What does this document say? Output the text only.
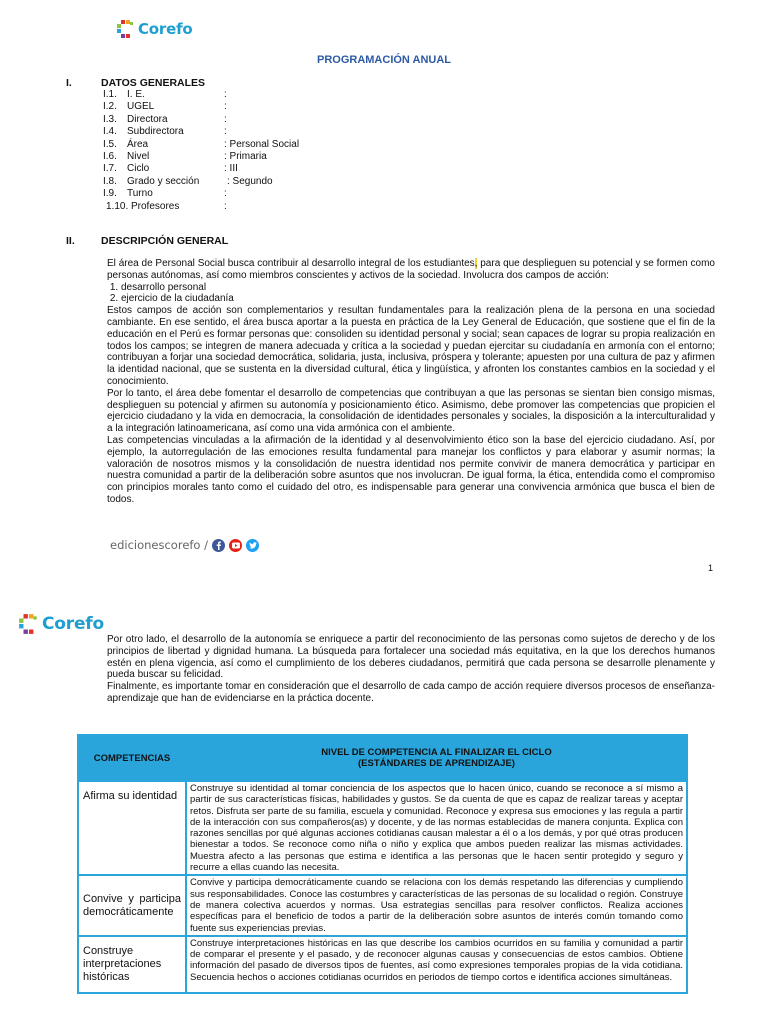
Corefo
PROGRAMACIÓN ANUAL
I.	DATOS GENERALES
I.1. I. E.	:
I.2. UGEL	:
I.3. Directora	:
I.4. Subdirectora	:
I.5. Área	: Personal Social
I.6. Nivel	: Primaria
I.7. Ciclo	: III
I.8. Grado y sección	: Segundo
I.9. Turno	:
1.10. Profesores	:
II. DESCRIPCIÓN GENERAL

El área de Personal Social busca contribuir al desarrollo integral de los estudiantes, para que desplieguen su potencial y se formen como personas autónomas, así como miembros conscientes y activos de la sociedad. Involucra dos campos de acción:

1. desarrollo personal
2. ejercicio de la ciudadanía

Estos campos de acción son complementarios y resultan fundamentales para la realización plena de la persona en una sociedad cambiante. En ese sentido, el área busca aportar a la puesta en práctica de la Ley General de Educación, que sostiene que el fin de la educación en el Perú es formar personas que: consoliden su identidad personal y social; sean capaces de lograr su propia realización en todos los campos; se integren de manera adecuada y crítica a la sociedad y puedan ejercitar su ciudadanía en armonía con el entorno; contribuyan a forjar una sociedad democrática, solidaria, justa, inclusiva, próspera y tolerante; apuesten por una cultura de paz y afirmen la identidad nacional, que se sustenta en la diversidad cultural, ética y lingüística, y afronten los constantes cambios en la sociedad y el conocimiento.

Por lo tanto, el área debe fomentar el desarrollo de competencias que contribuyan a que las personas se sientan bien consigo mismas, desplieguen su potencial y afirmen su autonomía y posicionamiento ético. Asimismo, debe promover las competencias que propicien el ejercicio ciudadano y la vida en democracia, la consolidación de identidades personales y sociales, la disposición a la interculturalidad y a la integración latinoamericana, así como una vida armónica con el ambiente.

Las competencias vinculadas a la afirmación de la identidad y al desenvolvimiento ético son la base del ejercicio ciudadano. Así, por ejemplo, la autorregulación de las emociones resulta fundamental para manejar los conflictos y para elaborar y asumir normas; la valoración de nosotros mismos y la consolidación de nuestra identidad nos permite convivir de manera democrática y participar en nuestra comunidad a partir de la deliberación sobre asuntos que nos involucran. De igual forma, la ética, entendida como el compromiso con principios morales tanto como el cuidado del otro, es indispensable para generar una convivencia armónica que busca el bien de todos.

edicionescorefo /
1
Corefo

Por otro lado, el desarrollo de la autonomía se enriquece a partir del reconocimiento de las personas como sujetos de derecho y de los principios de libertad y dignidad humana. La búsqueda para fortalecer una sociedad más equitativa, en la que los derechos humanos estén en plena vigencia, así como el cumplimiento de los deberes ciudadanos, permitirá que cada persona se desarrolle plenamente y pueda buscar su felicidad.

Finalmente, es importante tomar en consideración que el desarrollo de cada campo de acción requiere diversos procesos de enseñanza-aprendizaje que han de evidenciarse en la práctica docente.

COMPETENCIAS	NIVEL DE COMPETENCIA AL FINALIZAR EL CICLO
(ESTÁNDARES DE APRENDIZAJE)

Afirma su identidad	Construye su identidad al tomar conciencia de los aspectos que lo hacen único, cuando se reconoce a sí mismo a partir de sus características físicas, habilidades y gustos. Se da cuenta de que es capaz de realizar tareas y aceptar retos. Disfruta ser parte de su familia, escuela y comunidad. Reconoce y expresa sus emociones y las regula a partir de la interacción con sus compañeros(as) y docente, y de las normas establecidas de manera conjunta. Explica con razones sencillas por qué algunas acciones cotidianas causan malestar a él o a los demás, y por qué otras producen bienestar a todos. Se reconoce como niña o niño y explica que ambos pueden realizar las mismas actividades. Muestra afecto a las personas que estima e identifica a las personas que le hacen sentir protegido y seguro y recurre a ellas cuando las necesita.
Convive y participa democráticamente	Convive y participa democráticamente cuando se relaciona con los demás respetando las diferencias y cumpliendo sus responsabilidades. Conoce las costumbres y características de las personas de su localidad o región. Construye de manera colectiva acuerdos y normas. Usa estrategias sencillas para resolver conflictos. Realiza acciones específicas para el beneficio de todos a partir de la deliberación sobre asuntos de interés común tomando como fuente sus experiencias previas.
Construye interpretaciones históricas	Construye interpretaciones históricas en las que describe los cambios ocurridos en su familia y comunidad a partir de comparar el presente y el pasado, y de reconocer algunas causas y consecuencias de estos cambios. Obtiene información del pasado de diversos tipos de fuentes, así como expresiones temporales propias de la vida cotidiana. Secuencia hechos o acciones cotidianas ocurridos en periodos de tiempo cortos e identifica acciones simultáneas.
